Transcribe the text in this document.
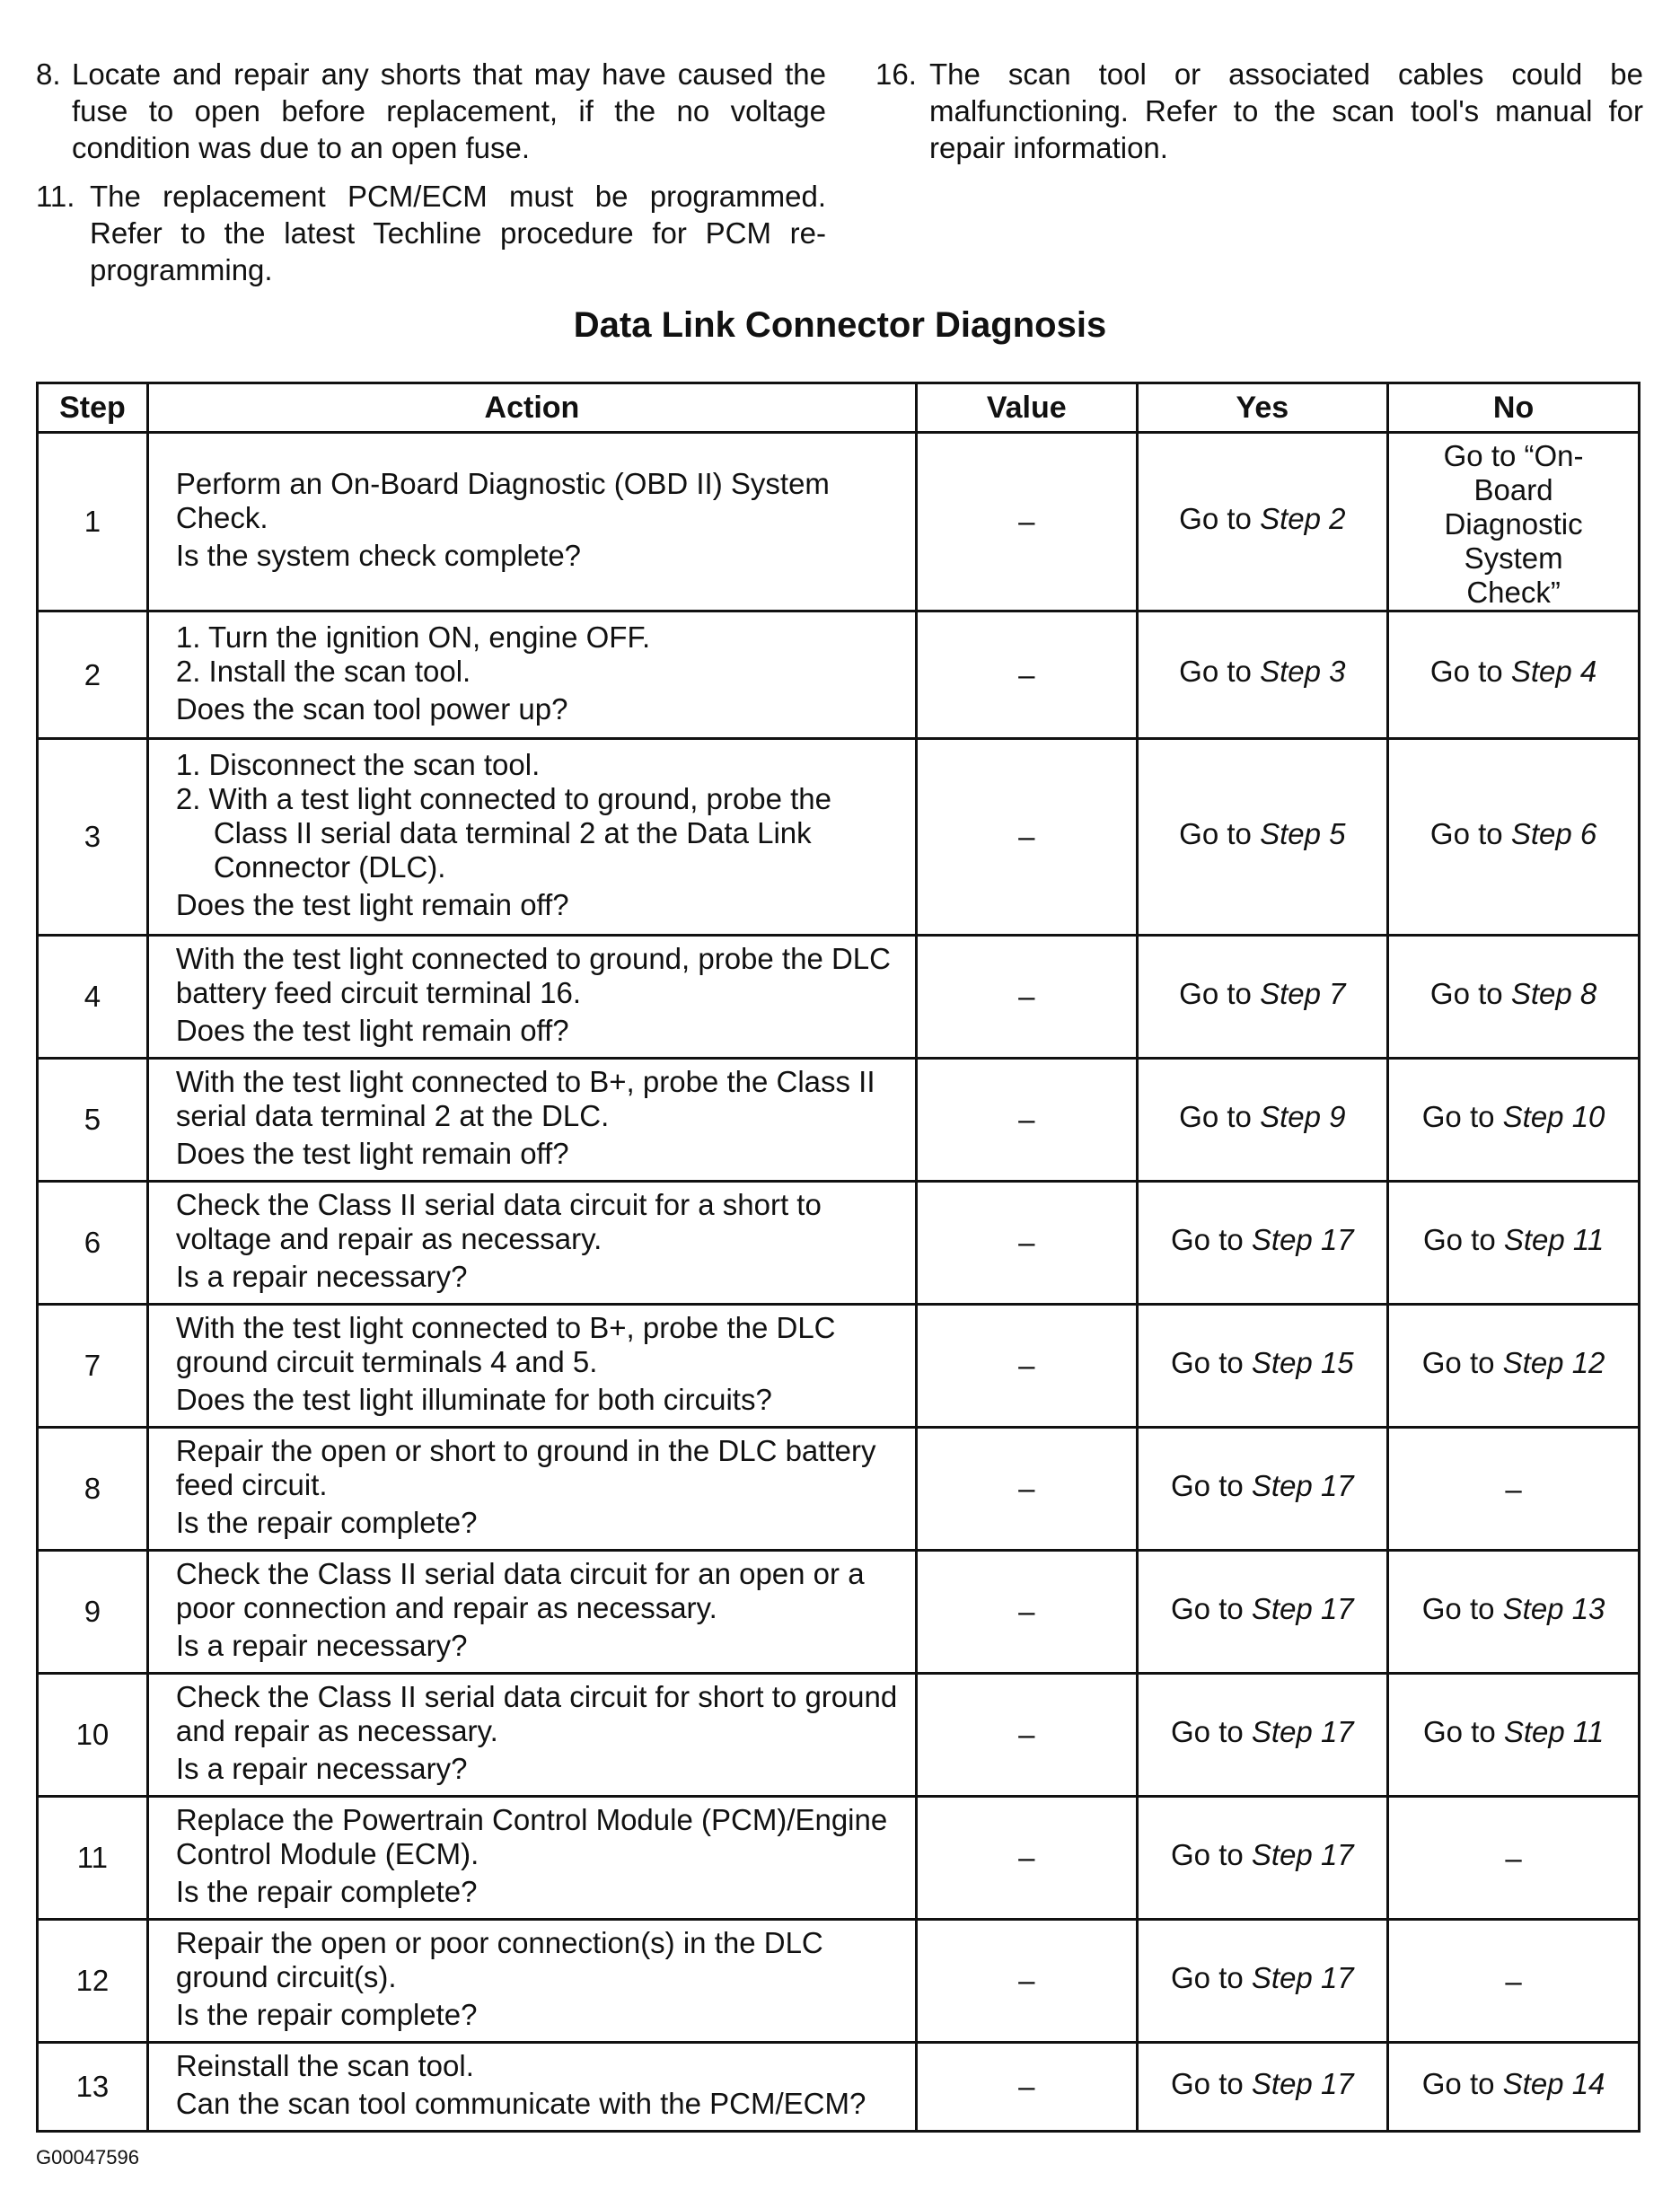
8. Locate and repair any shorts that may have caused the fuse to open before replacement, if the no voltage condition was due to an open fuse.
11. The replacement PCM/ECM must be programmed. Refer to the latest Techline procedure for PCM re-programming.
16. The scan tool or associated cables could be malfunctioning. Refer to the scan tool's manual for repair information.
Data Link Connector Diagnosis
Step	Action	Value	Yes	No
1	Perform an On-Board Diagnostic (OBD II) System Check.
Is the system check complete?	–	Go to Step 2	Go to “On-Board Diagnostic System Check”
2	1. Turn the ignition ON, engine OFF.
2. Install the scan tool.
Does the scan tool power up?	–	Go to Step 3	Go to Step 4
3	1. Disconnect the scan tool.
2. With a test light connected to ground, probe the Class II serial data terminal 2 at the Data Link Connector (DLC).
Does the test light remain off?	–	Go to Step 5	Go to Step 6
4	With the test light connected to ground, probe the DLC battery feed circuit terminal 16.
Does the test light remain off?	–	Go to Step 7	Go to Step 8
5	With the test light connected to B+, probe the Class II serial data terminal 2 at the DLC.
Does the test light remain off?	–	Go to Step 9	Go to Step 10
6	Check the Class II serial data circuit for a short to voltage and repair as necessary.
Is a repair necessary?	–	Go to Step 17	Go to Step 11
7	With the test light connected to B+, probe the DLC ground circuit terminals 4 and 5.
Does the test light illuminate for both circuits?	–	Go to Step 15	Go to Step 12
8	Repair the open or short to ground in the DLC battery feed circuit.
Is the repair complete?	–	Go to Step 17	–
9	Check the Class II serial data circuit for an open or a poor connection and repair as necessary.
Is a repair necessary?	–	Go to Step 17	Go to Step 13
10	Check the Class II serial data circuit for short to ground and repair as necessary.
Is a repair necessary?	–	Go to Step 17	Go to Step 11
11	Replace the Powertrain Control Module (PCM)/Engine Control Module (ECM).
Is the repair complete?	–	Go to Step 17	–
12	Repair the open or poor connection(s) in the DLC ground circuit(s).
Is the repair complete?	–	Go to Step 17	–
13	Reinstall the scan tool.
Can the scan tool communicate with the PCM/ECM?	–	Go to Step 17	Go to Step 14
G00047596
